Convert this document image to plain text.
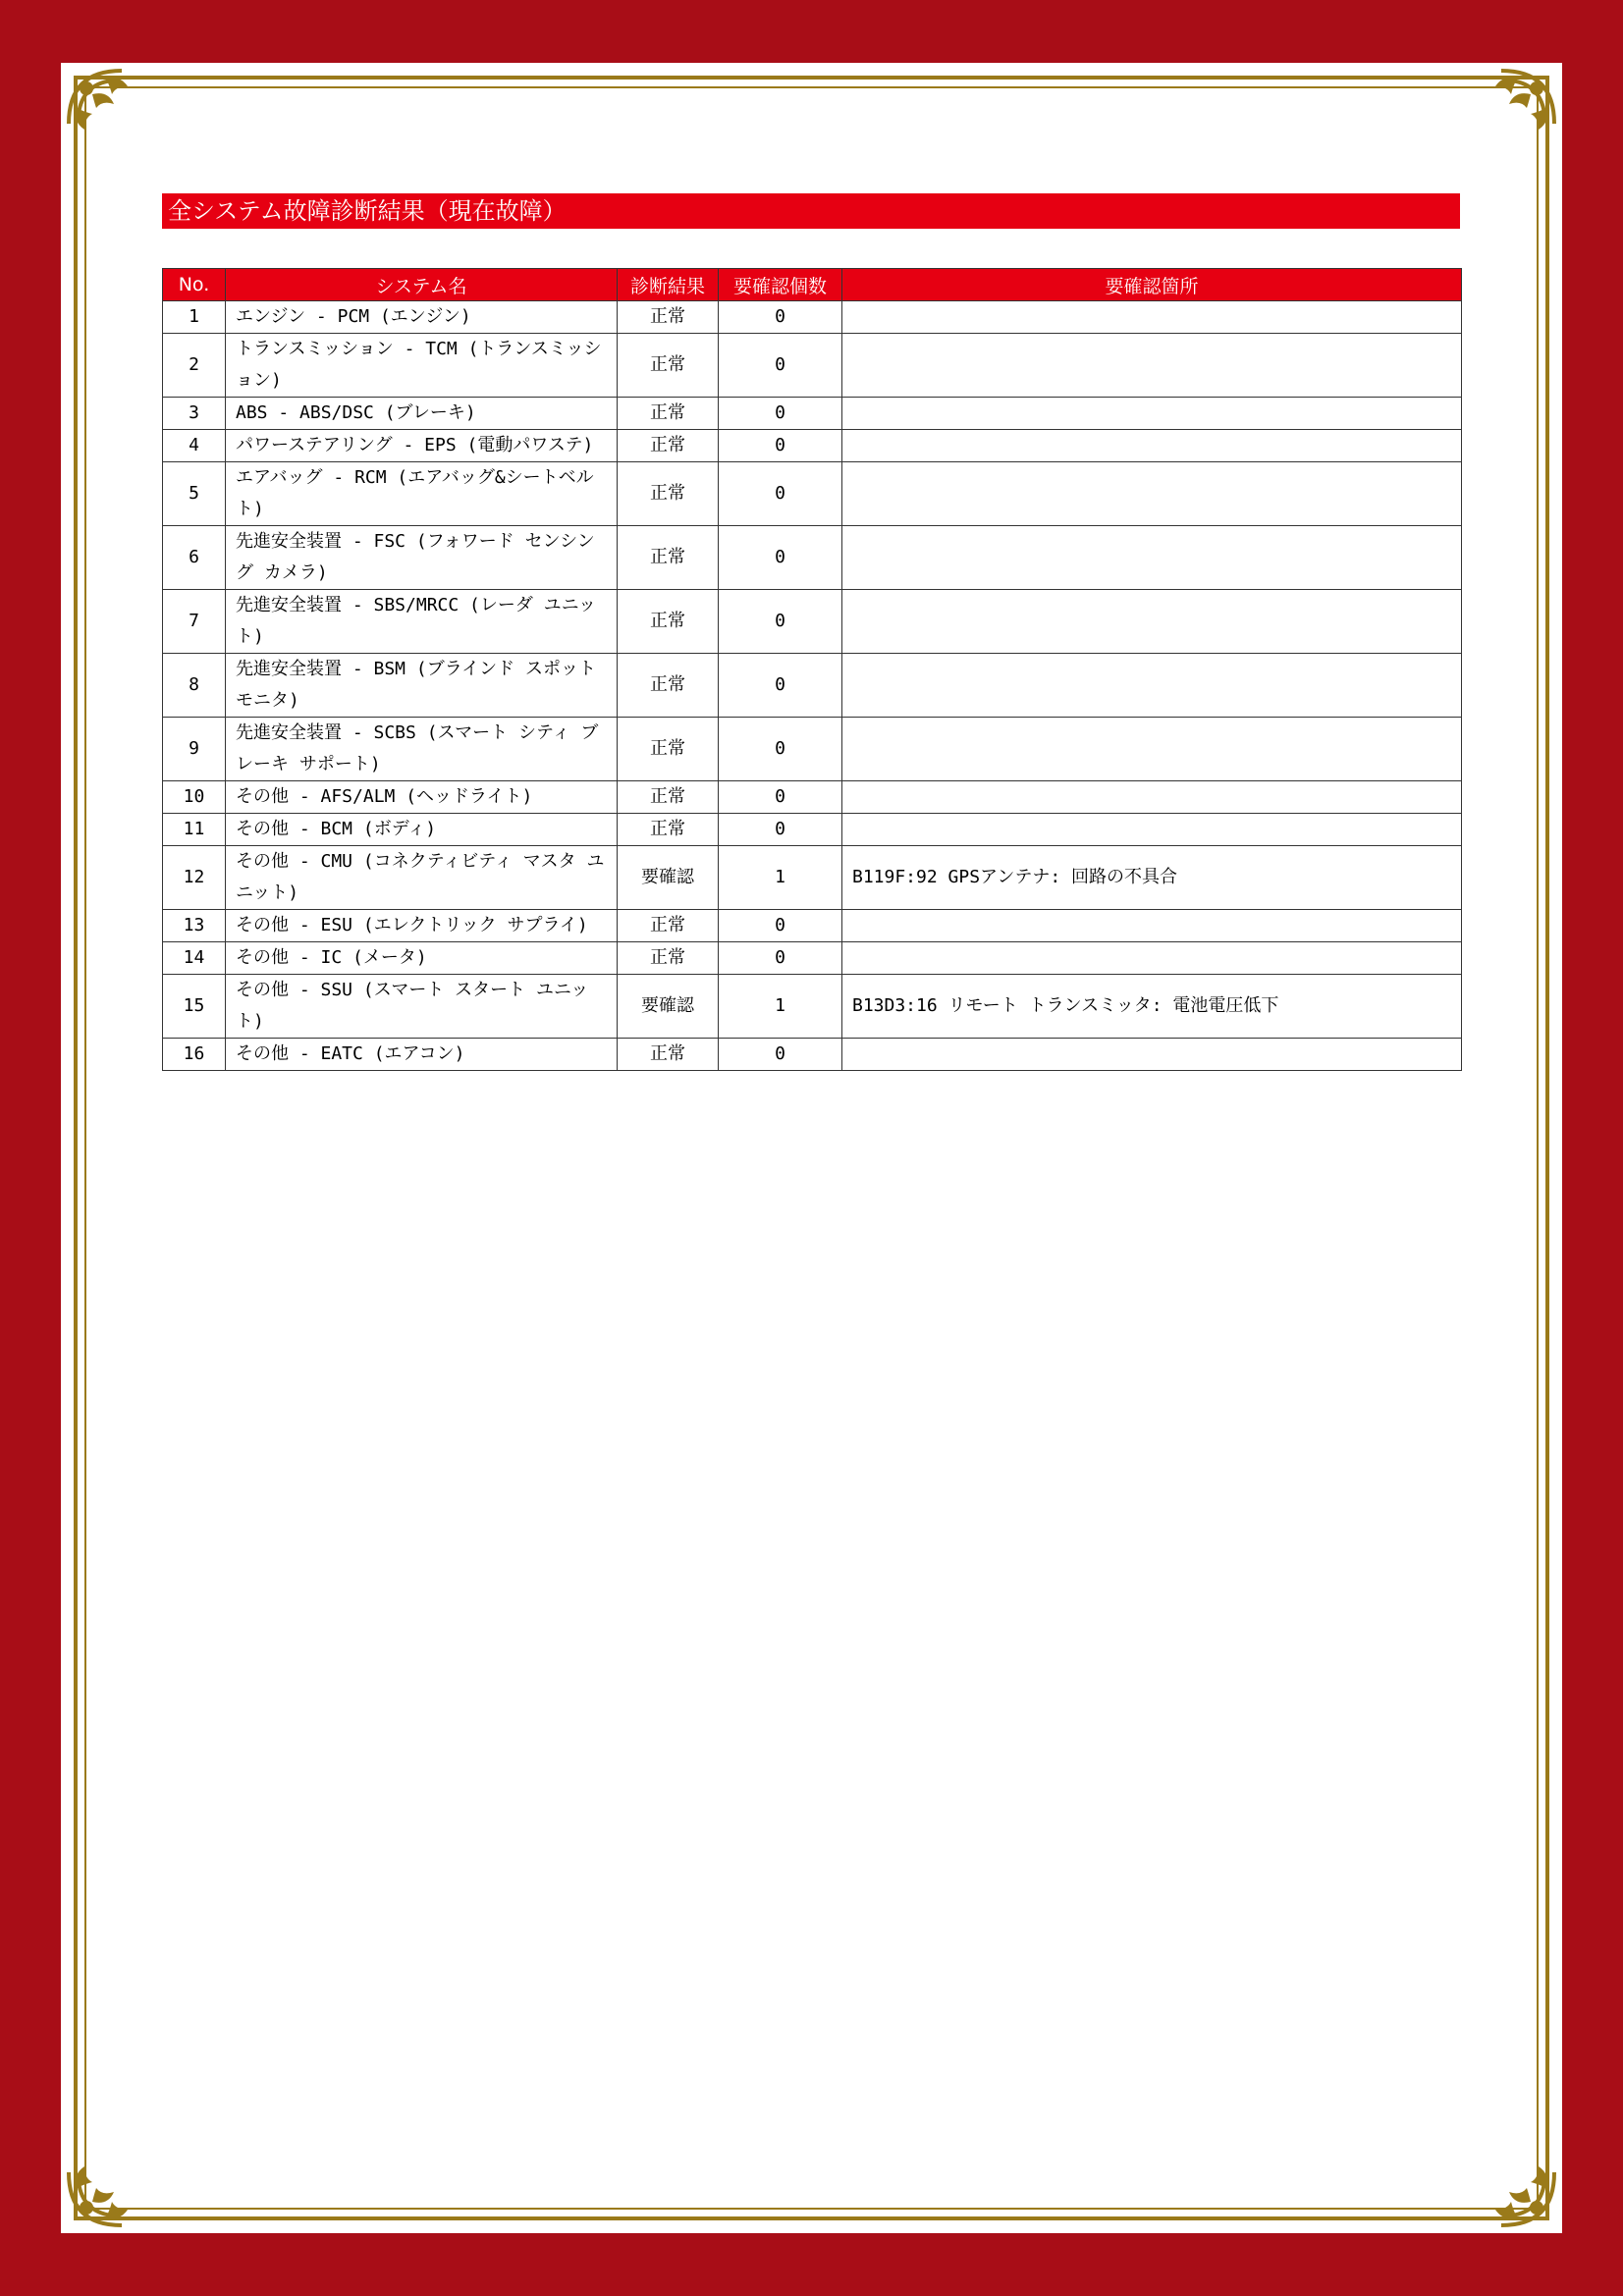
全システム故障診断結果（現在故障）
No.	システム名	診断結果	要確認個数	要確認箇所
1	エンジン - PCM (エンジン)	正常	0	
2	トランスミッション - TCM (トランスミッション)	正常	0	
3	ABS - ABS/DSC (ブレーキ)	正常	0	
4	パワーステアリング - EPS (電動パワステ)	正常	0	
5	エアバッグ - RCM (エアバッグ&シートベルト)	正常	0	
6	先進安全装置 - FSC (フォワード センシング カメラ)	正常	0	
7	先進安全装置 - SBS/MRCC (レーダ ユニット)	正常	0	
8	先進安全装置 - BSM (ブラインド スポット モニタ)	正常	0	
9	先進安全装置 - SCBS (スマート シティ ブレーキ サポート)	正常	0	
10	その他 - AFS/ALM (ヘッドライト)	正常	0	
11	その他 - BCM (ボディ)	正常	0	
12	その他 - CMU (コネクティビティ マスタ ユニット)	要確認	1	B119F:92 GPSアンテナ: 回路の不具合
13	その他 - ESU (エレクトリック サプライ)	正常	0	
14	その他 - IC (メータ)	正常	0	
15	その他 - SSU (スマート スタート ユニット)	要確認	1	B13D3:16 リモート トランスミッタ: 電池電圧低下
16	その他 - EATC (エアコン)	正常	0	
